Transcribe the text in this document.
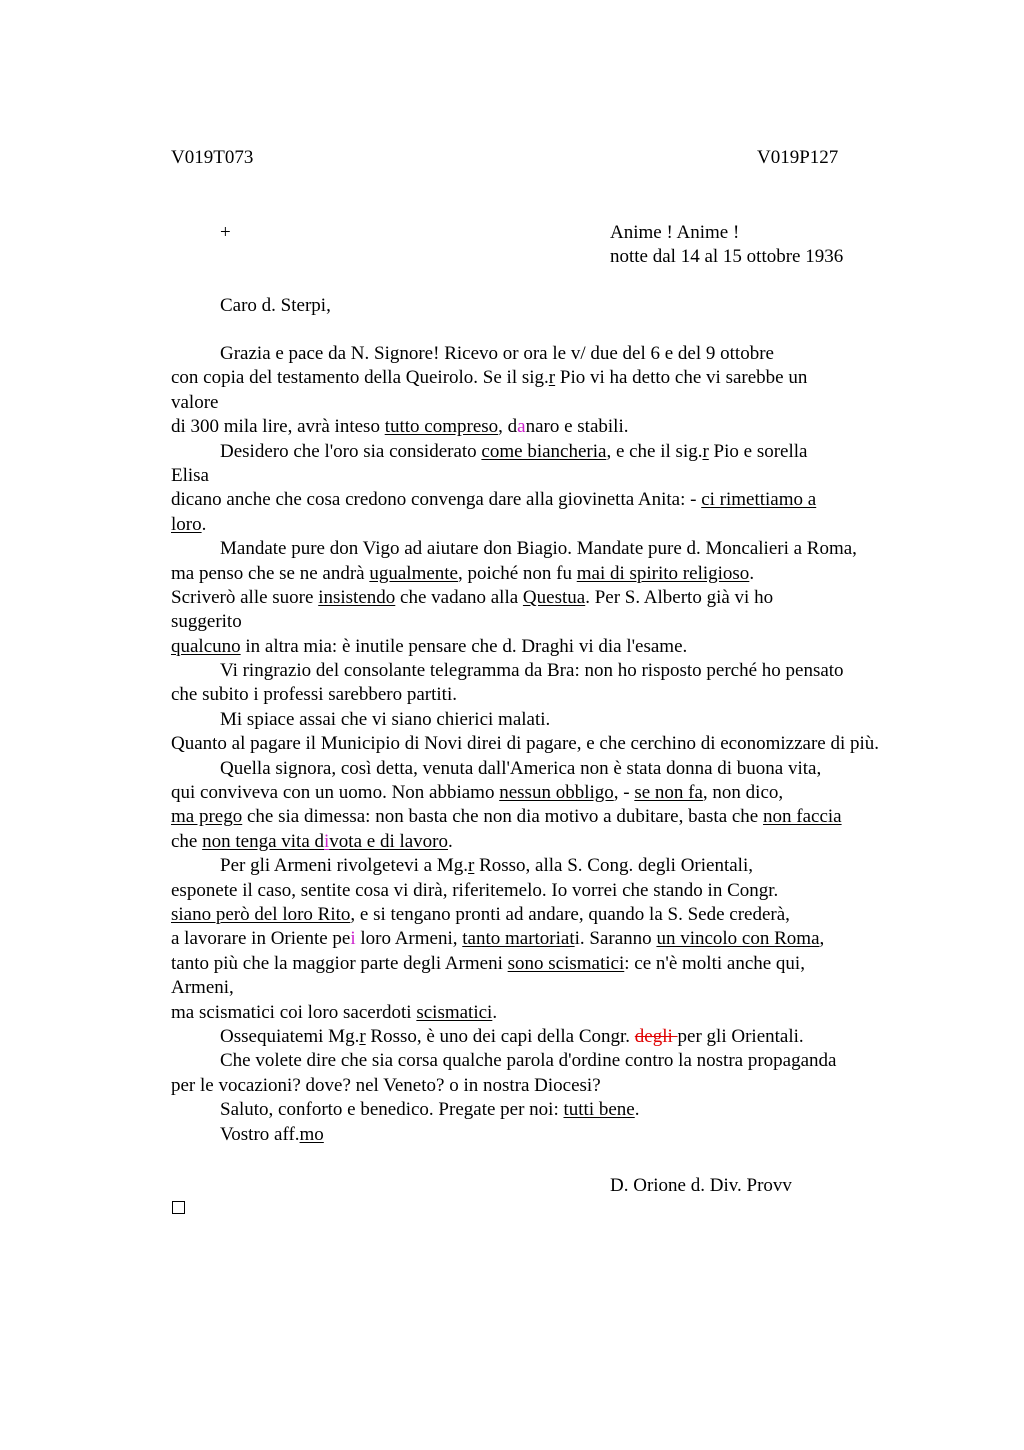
V019T073	V019P127
+	Anime ! Anime !
notte dal 14 al 15 ottobre 1936
Caro d. Sterpi,
Grazia e pace da N. Signore! Ricevo or ora le v/ due del 6 e del 9 ottobre
con copia del testamento della Queirolo. Se il sig.r Pio vi ha detto che vi sarebbe un
valore
di 300 mila lire, avrà inteso tutto compreso, danaro e stabili.
Desidero che l'oro sia considerato come biancheria, e che il sig.r Pio e sorella
Elisa
dicano anche che cosa credono convenga dare alla giovinetta Anita: - ci rimettiamo a
loro.
Mandate pure don Vigo ad aiutare don Biagio. Mandate pure d. Moncalieri a Roma,
ma penso che se ne andrà ugualmente, poiché non fu mai di spirito religioso.
Scriverò alle suore insistendo che vadano alla Questua. Per S. Alberto già vi ho
suggerito
qualcuno in altra mia: è inutile pensare che d. Draghi vi dia l'esame.
Vi ringrazio del consolante telegramma da Bra: non ho risposto perché ho pensato
che subito i professi sarebbero partiti.
Mi spiace assai che vi siano chierici malati.
Quanto al pagare il Municipio di Novi direi di pagare, e che cerchino di economizzare di più.
Quella signora, così detta, venuta dall'America non è stata donna di buona vita,
qui conviveva con un uomo. Non abbiamo nessun obbligo, - se non fa, non dico,
ma prego che sia dimessa: non basta che non dia motivo a dubitare, basta che non faccia
che non tenga vita divota e di lavoro.
Per gli Armeni rivolgetevi a Mg.r Rosso, alla S. Cong. degli Orientali,
esponete il caso, sentite cosa vi dirà, riferitemelo. Io vorrei che stando in Congr.
siano però del loro Rito, e si tengano pronti ad andare, quando la S. Sede crederà,
a lavorare in Oriente pei loro Armeni, tanto martoriati. Saranno un vincolo con Roma,
tanto più che la maggior parte degli Armeni sono scismatici: ce n'è molti anche qui,
Armeni,
ma scismatici coi loro sacerdoti scismatici.
Ossequiatemi Mg.r Rosso, è uno dei capi della Congr. degli per gli Orientali.
Che volete dire che sia corsa qualche parola d'ordine contro la nostra propaganda
per le vocazioni? dove? nel Veneto? o in nostra Diocesi?
Saluto, conforto e benedico. Pregate per noi: tutti bene.
Vostro aff.mo
D. Orione d. Div. Provv
